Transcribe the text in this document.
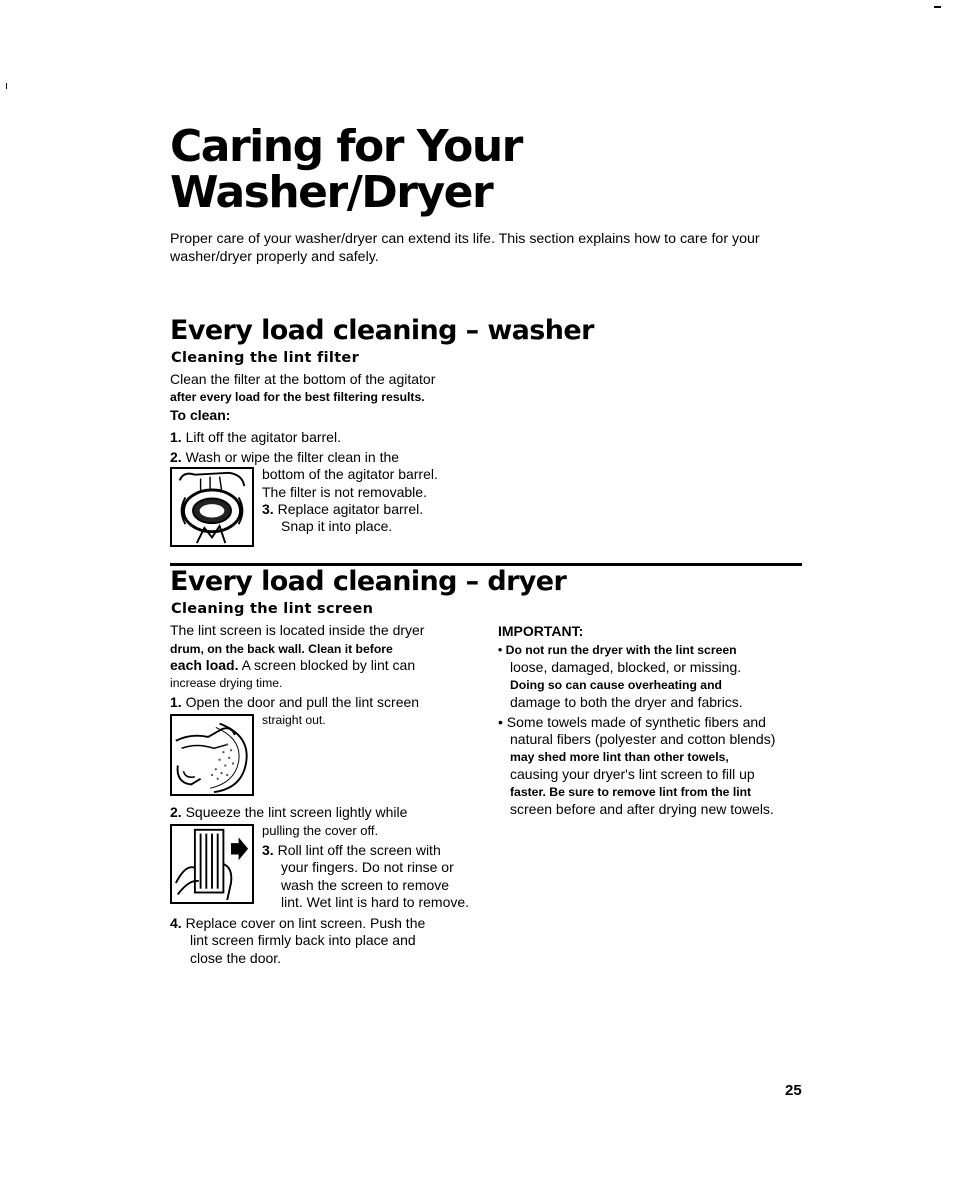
Caring for Your
Washer/Dryer

Proper care of your washer/dryer can extend its life. This section explains how to care for your washer/dryer properly and safely.

Every load cleaning – washer
Cleaning the lint filter

Clean the filter at the bottom of the agitator

after every load for the best filtering results.

To clean:

1. Lift off the agitator barrel.

2. Wash or wipe the filter clean in the

bottom of the agitator barrel.

The filter is not removable.

3. Replace agitator barrel.

Snap it into place.

Every load cleaning – dryer
Cleaning the lint screen

The lint screen is located inside the dryer

drum, on the back wall. Clean it before

each load. A screen blocked by lint can

increase drying time.

1. Open the door and pull the lint screen

straight out.

2. Squeeze the lint screen lightly while

pulling the cover off.

3. Roll lint off the screen with

your fingers. Do not rinse or

wash the screen to remove

lint. Wet lint is hard to remove.

4. Replace cover on lint screen. Push the

lint screen firmly back into place and

close the door.

IMPORTANT:

• Do not run the dryer with the lint screen

loose, damaged, blocked, or missing.

Doing so can cause overheating and

damage to both the dryer and fabrics.

• Some towels made of synthetic fibers and

natural fibers (polyester and cotton blends)

may shed more lint than other towels,

causing your dryer's lint screen to fill up

faster. Be sure to remove lint from the lint

screen before and after drying new towels.

25
